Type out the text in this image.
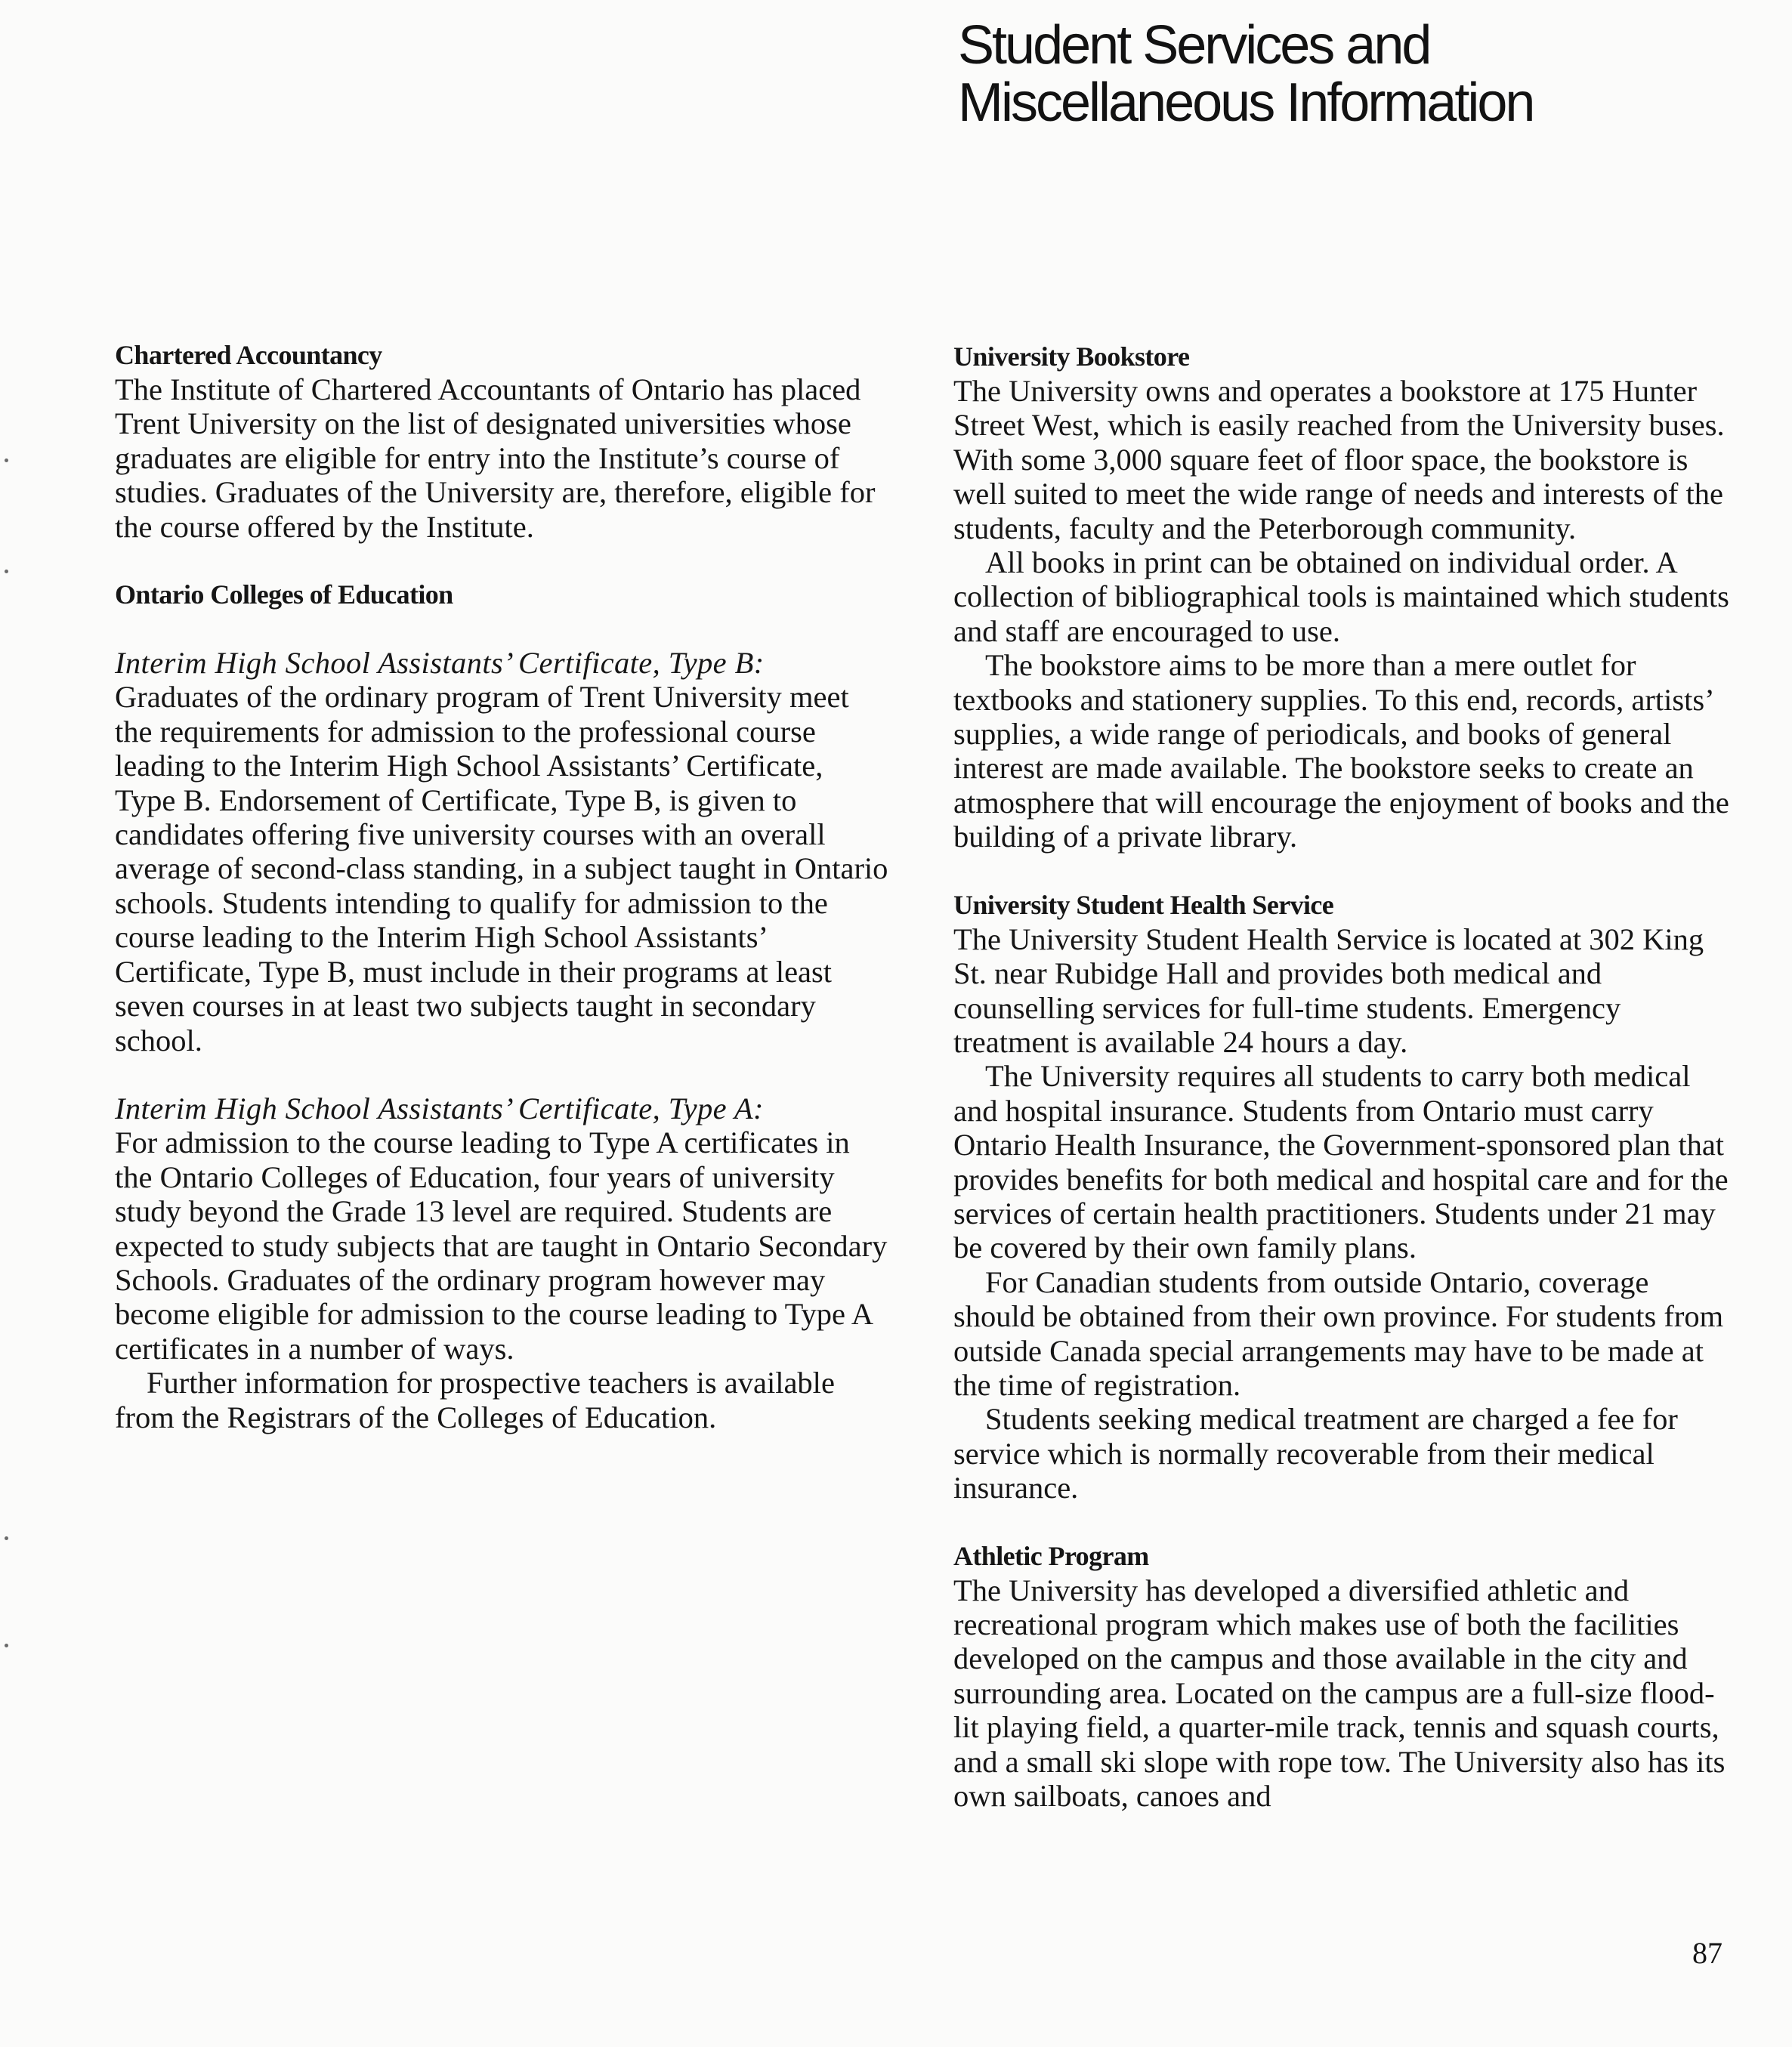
Student Services and
Miscellaneous Information

Chartered Accountancy

The Institute of Chartered Accountants of Ontario has placed Trent University on the list of designated universities whose graduates are eligible for entry into the Institute’s course of studies. Graduates of the University are, therefore, eligible for the course offered by the Institute.

Ontario Colleges of Education

Interim High School Assistants’ Certificate, Type B:

Graduates of the ordinary program of Trent University meet the requirements for admission to the professional course leading to the Interim High School Assistants’ Certificate, Type B. Endorsement of Certificate, Type B, is given to candidates offering five university courses with an overall average of second-class standing, in a subject taught in Ontario schools. Students intending to qualify for admission to the course leading to the Interim High School Assistants’ Certificate, Type B, must include in their programs at least seven courses in at least two subjects taught in secondary school.

Interim High School Assistants’ Certificate, Type A:

For admission to the course leading to Type A certificates in the Ontario Colleges of Education, four years of university study beyond the Grade 13 level are required. Students are expected to study subjects that are taught in Ontario Secondary Schools. Graduates of the ordinary program however may become eligible for admission to the course leading to Type A certificates in a number of ways.

Further information for prospective teachers is available from the Registrars of the Colleges of Education.

University Bookstore

The University owns and operates a bookstore at 175 Hunter Street West, which is easily reached from the University buses. With some 3,000 square feet of floor space, the bookstore is well suited to meet the wide range of needs and interests of the students, faculty and the Peterborough community.

All books in print can be obtained on individual order. A collection of bibliographical tools is maintained which students and staff are encouraged to use.

The bookstore aims to be more than a mere outlet for textbooks and stationery supplies. To this end, records, artists’ supplies, a wide range of periodicals, and books of general interest are made available. The bookstore seeks to create an atmosphere that will encourage the enjoyment of books and the building of a private library.

University Student Health Service

The University Student Health Service is located at 302 King St. near Rubidge Hall and provides both medical and counselling services for full-time students. Emergency treatment is available 24 hours a day.

The University requires all students to carry both medical and hospital insurance. Students from Ontario must carry Ontario Health Insurance, the Government-sponsored plan that provides benefits for both medical and hospital care and for the services of certain health practitioners. Students under 21 may be covered by their own family plans.

For Canadian students from outside Ontario, coverage should be obtained from their own province. For students from outside Canada special arrangements may have to be made at the time of registration.

Students seeking medical treatment are charged a fee for service which is normally recoverable from their medical insurance.

Athletic Program

The University has developed a diversified athletic and recreational program which makes use of both the facilities developed on the campus and those available in the city and surrounding area. Located on the campus are a full-size flood-lit playing field, a quarter-mile track, tennis and squash courts, and a small ski slope with rope tow. The University also has its own sailboats, canoes and

87
